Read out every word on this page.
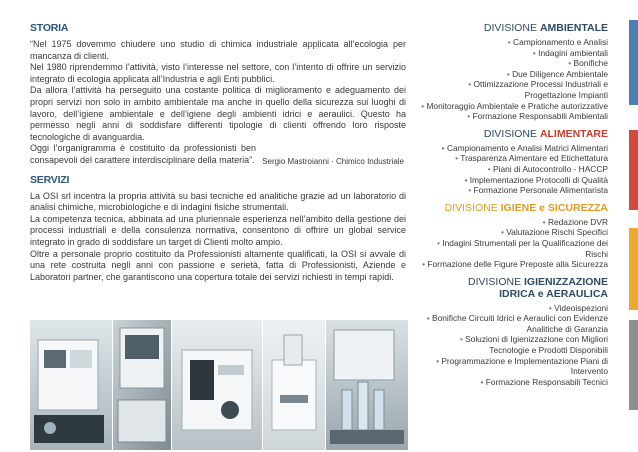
STORIA

“Nel 1975 dovemmo chiudere uno studio di chimica industriale applicata all’ecologia per mancanza di clienti.

Nel 1980 riprendemmo l’attività, visto l’interesse nel settore, con l’intento di offrire un servizio integrato di ecologia applicata all’Industria e agli Enti pubblici.

Da allora l’attività ha perseguito una costante politica di miglioramento e adeguamento dei propri servizi non solo in ambito ambientale ma anche in quello della sicurezza sui luoghi di lavoro, dell’igiene ambientale e dell’igiene degli ambienti idrici e aeraulici. Questo ha permesso negli anni di soddisfare differenti tipologie di clienti offrendo loro risposte tecnologiche di avanguardia.

Oggi l’organigramma è costituito da professionisti ben consapevoli del carattere interdisciplinare della materia”. Sergio Mastroianni · Chimico Industriale
SERVIZI

La OSI srl incentra la propria attività su basi tecniche ed analitiche grazie ad un laboratorio di analisi chimiche, microbiologiche e di indagini fisiche strumentali.

La competenza tecnica, abbinata ad una pluriennale esperienza nell’ambito della gestione dei processi industriali e della consulenza normativa, consentono di offrire un global service integrato in grado di soddisfare un target di Clienti molto ampio.

Oltre a personale proprio costituito da Professionisti altamente qualificati, la OSI si avvale di una rete costruita negli anni con passione e serietà, fatta di Professionisti, Aziende e Laboratori partner, che garantiscono una copertura totale dei servizi richiesti in tempi rapidi.

DIVISIONE AMBIENTALE
• Campionamento e Analisi
• Indagini ambientali
• Bonifiche
• Due Diligence Ambientale
• Ottimizzazione Processi Industriali e Progettazione Impianti
• Monitoraggio Ambientale e Pratiche autorizzative
• Formazione Responsabili Ambientali
DIVISIONE ALIMENTARE
• Campionamento e Analisi Matrici Alimentari
• Trasparenza Aimentare ed Etichettatura
• Piani di Autocontrollo - HACCP
• Implementazione Protocolli di Qualità
• Formazione Personale Alimentarista
DIVISIONE IGIENE e SICUREZZA
• Redazione DVR
• Valutazione Rischi Specifici
• Indagini Strumentali per la Qualificazione dei Rischi
• Formazione delle Figure Preposte alla Sicurezza
DIVISIONE IGIENIZZAZIONE
IDRICA e AERAULICA
• Videoispezioni
• Bonifiche Circuiti Idrici e Aeraulici con Evidenze Analitiche di Garanzia
• Soluzioni di Igienizzazione con Migliori Tecnologie e Prodotti Disponibili
• Programmazione e Implementazione Piani di Intervento
• Formazione Responsabili Tecnici
